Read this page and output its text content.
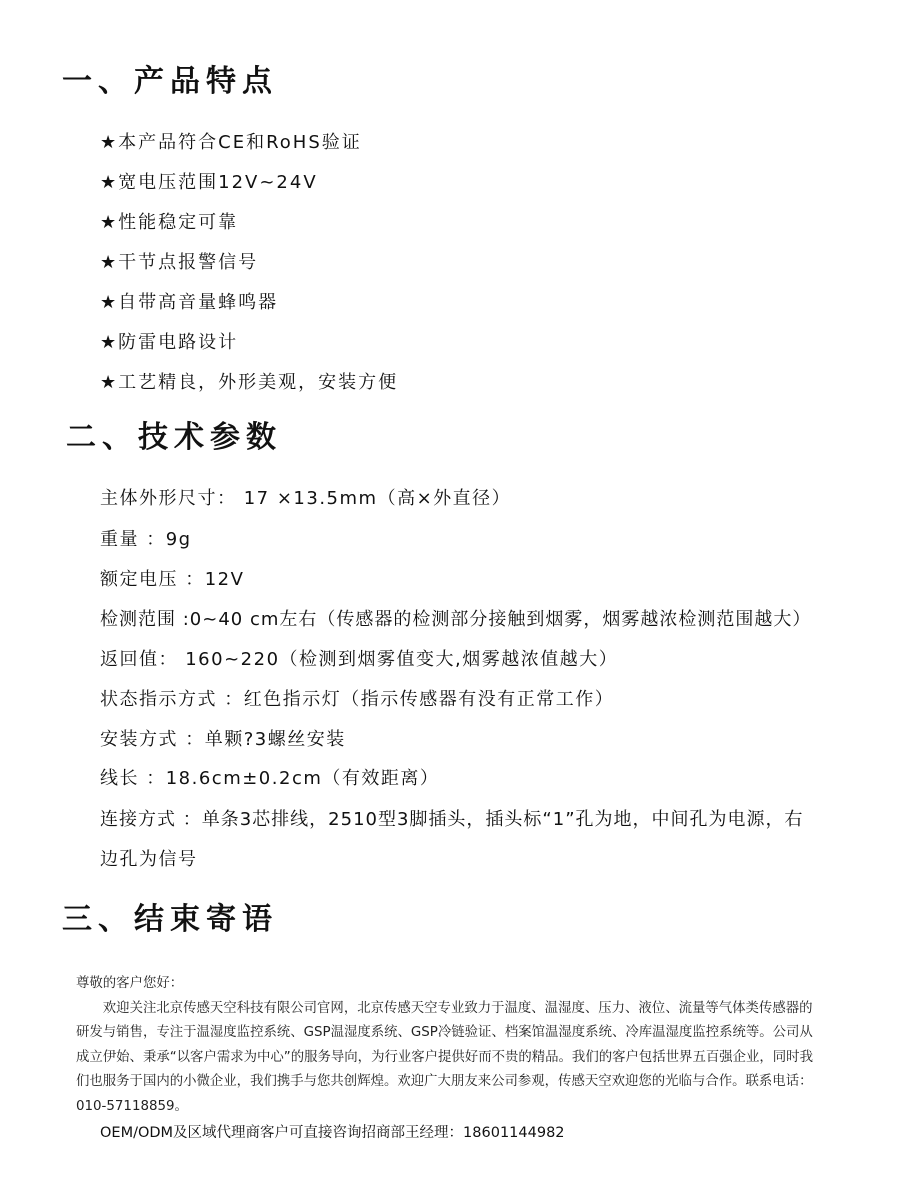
一、产品特点
★本产品符合CE和RoHS验证
★宽电压范围12V~24V
★性能稳定可靠
★干节点报警信号
★自带高音量蜂鸣器
★防雷电路设计
★工艺精良，外形美观，安装方便
二、技术参数
主体外形尺寸： 17 ×13.5mm（高×外直径）
重量 ：9g
额定电压 ：12V
检测范围 :0~40 cm左右（传感器的检测部分接触到烟雾，烟雾越浓检测范围越大）
返回值： 160~220（检测到烟雾值变大,烟雾越浓值越大）
状态指示方式 ：红色指示灯（指示传感器有没有正常工作）
安装方式 ：单颗?3螺丝安装
线长 ：18.6cm±0.2cm（有效距离）
连接方式 ：单条3芯排线，2510型3脚插头，插头标“1”孔为地，中间孔为电源，右
边孔为信号
三、结束寄语

尊敬的客户您好：

欢迎关注北京传感天空科技有限公司官网，北京传感天空专业致力于温度、温湿度、压力、液位、流量等气体类传感器的研发与销售，专注于温湿度监控系统、GSP温湿度系统、GSP冷链验证、档案馆温湿度系统、冷库温湿度监控系统等。公司从成立伊始、秉承“以客户需求为中心”的服务导向，为行业客户提供好而不贵的精品。我们的客户包括世界五百强企业，同时我们也服务于国内的小微企业，我们携手与您共创辉煌。欢迎广大朋友来公司参观，传感天空欢迎您的光临与合作。联系电话：010-57118859。

OEM/ODM及区域代理商客户可直接咨询招商部王经理：18601144982
